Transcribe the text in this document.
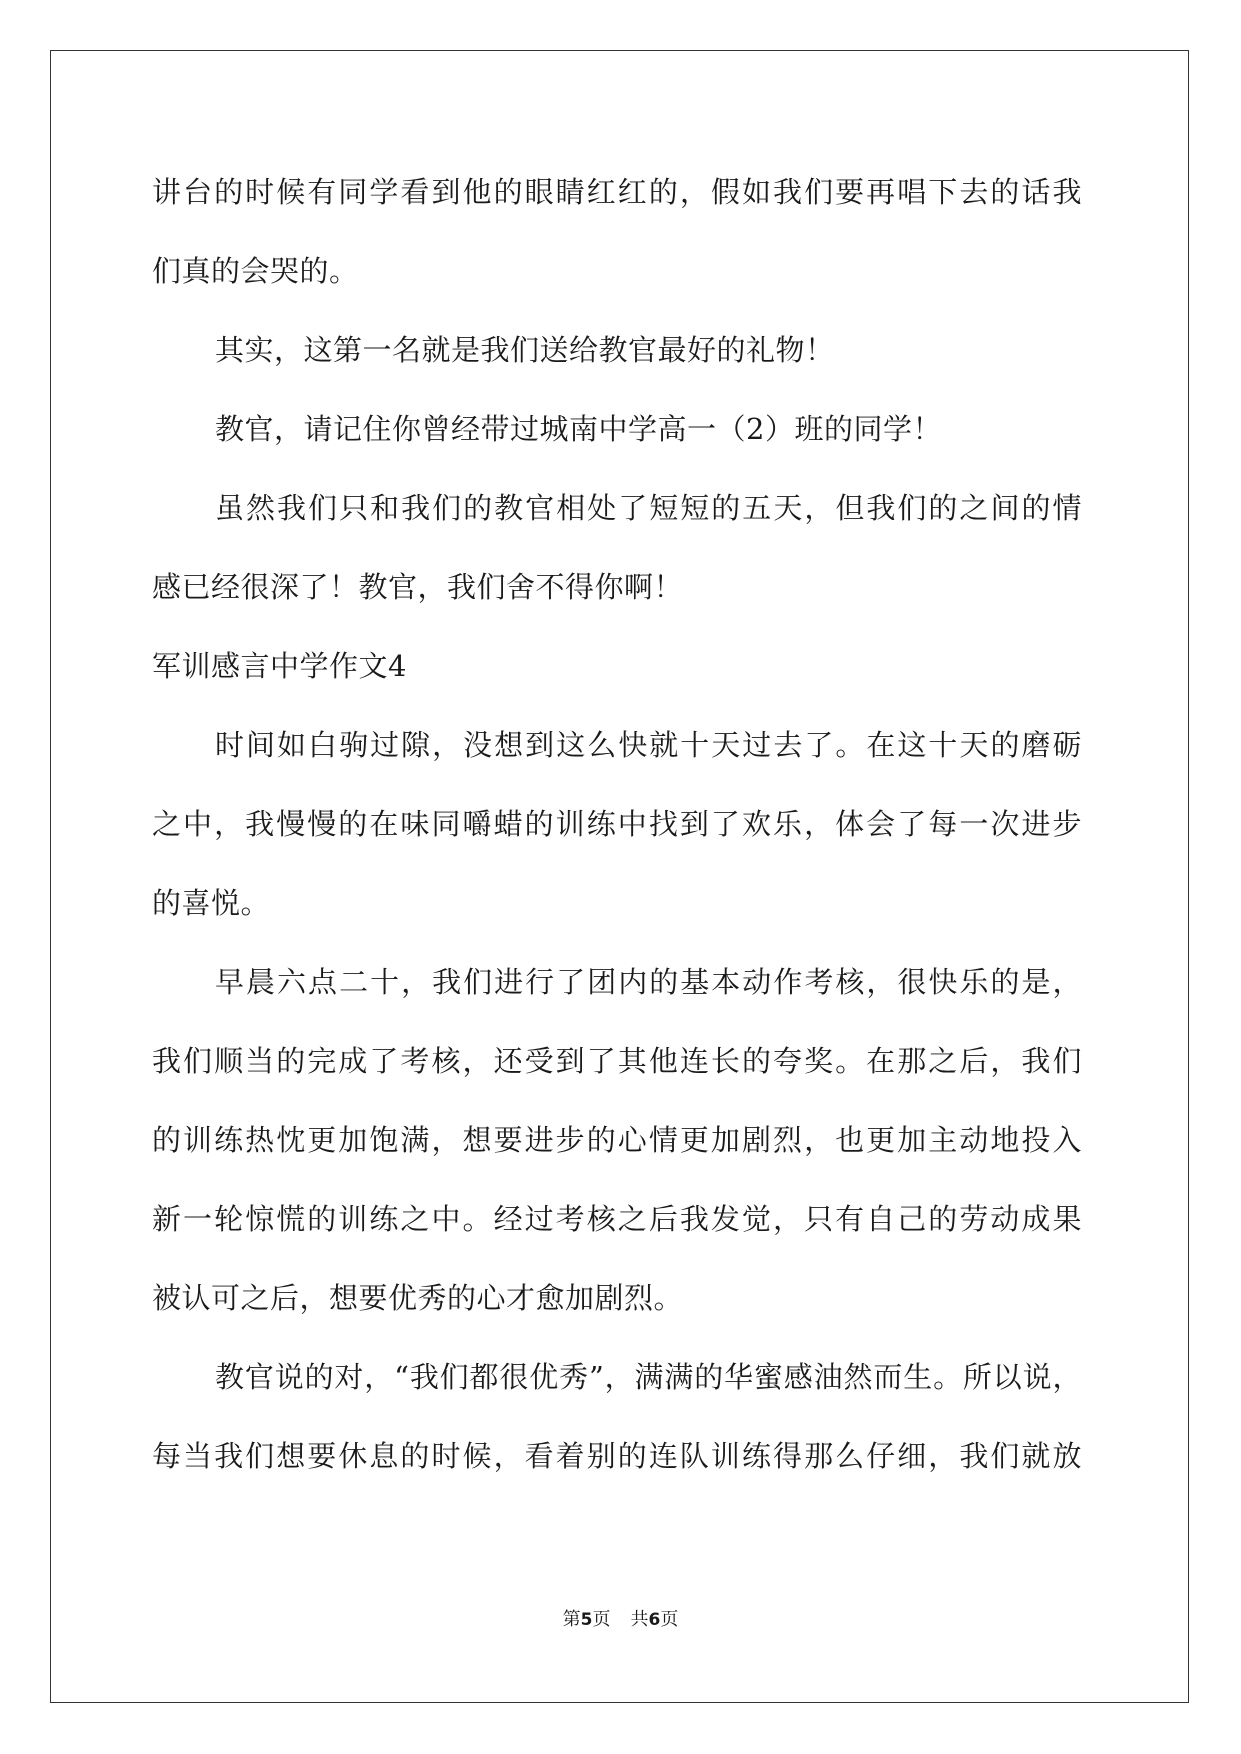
讲台的时候有同学看到他的眼睛红红的，假如我们要再唱下去的话我
们真的会哭的。
其实，这第一名就是我们送给教官最好的礼物！
教官，请记住你曾经带过城南中学高一（2）班的同学！
虽然我们只和我们的教官相处了短短的五天，但我们的之间的情
感已经很深了！教官，我们舍不得你啊！
军训感言中学作文4
时间如白驹过隙，没想到这么快就十天过去了。在这十天的磨砺
之中，我慢慢的在味同嚼蜡的训练中找到了欢乐，体会了每一次进步
的喜悦。
早晨六点二十，我们进行了团内的基本动作考核，很快乐的是，
我们顺当的完成了考核，还受到了其他连长的夸奖。在那之后，我们
的训练热忱更加饱满，想要进步的心情更加剧烈，也更加主动地投入
新一轮惊慌的训练之中。经过考核之后我发觉，只有自己的劳动成果
被认可之后，想要优秀的心才愈加剧烈。
教官说的对，“我们都很优秀”，满满的华蜜感油然而生。所以说，
每当我们想要休息的时候，看着别的连队训练得那么仔细，我们就放
第5页 共6页
